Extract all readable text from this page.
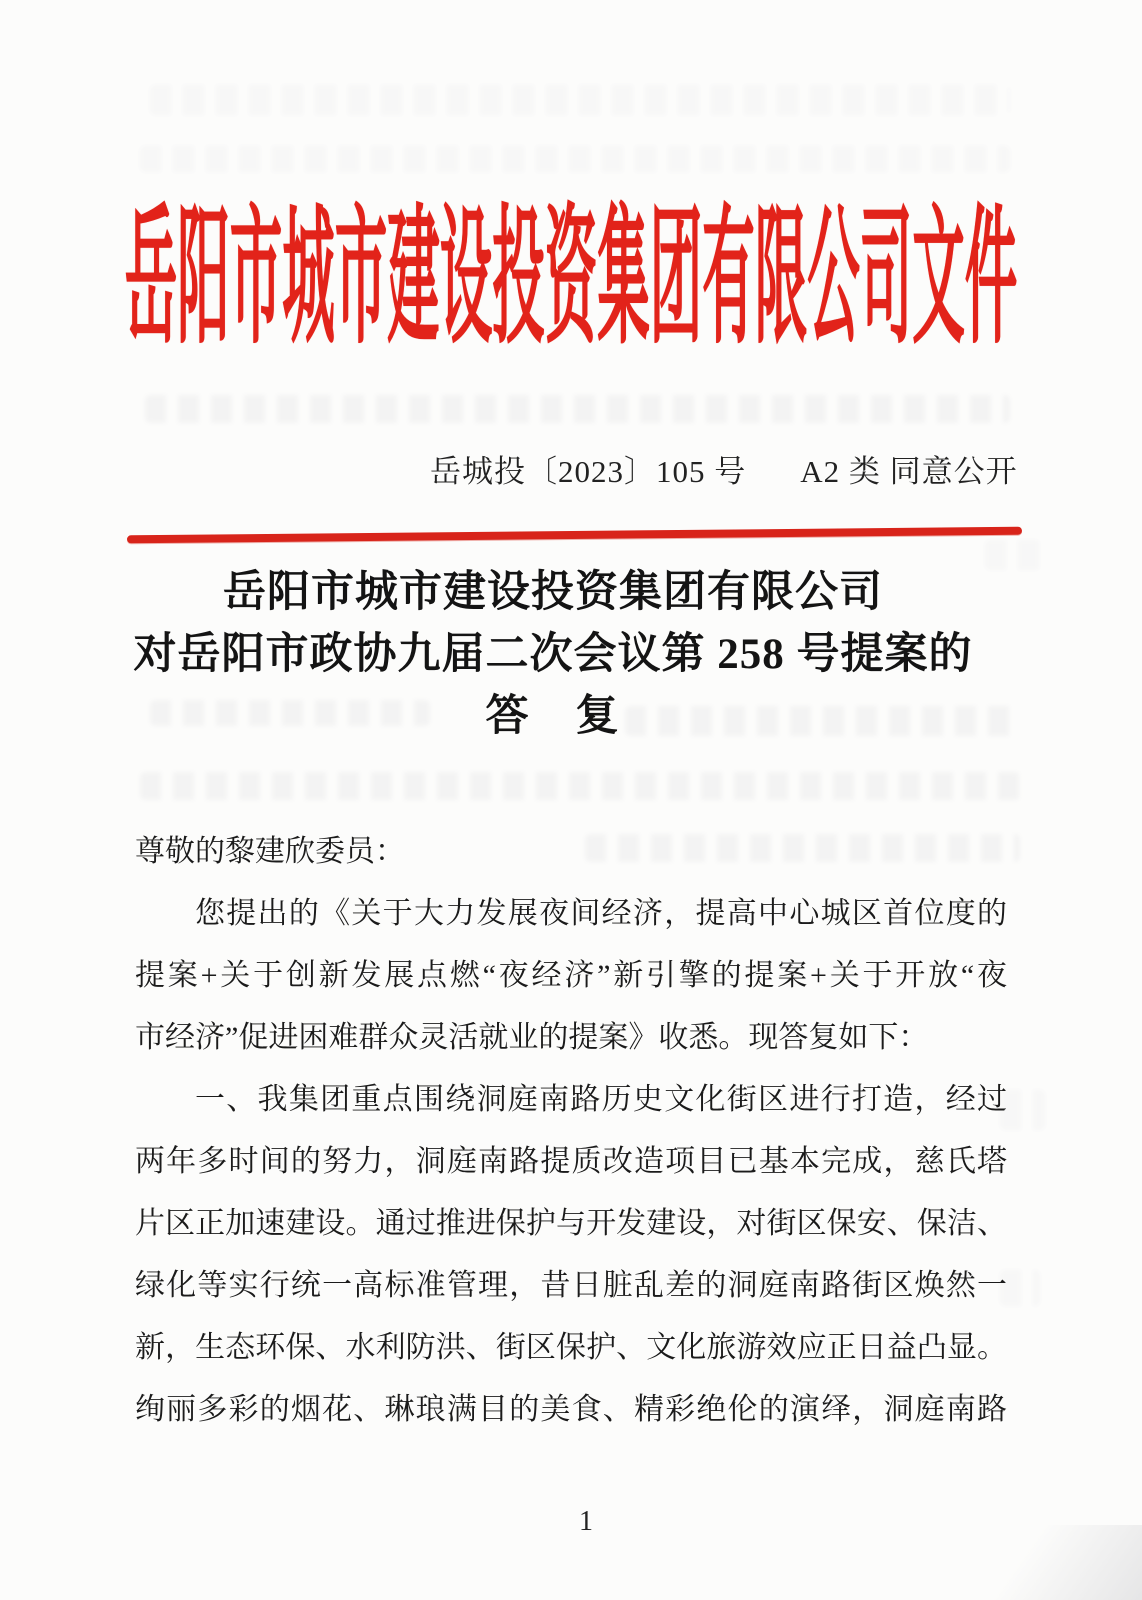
岳阳市城市建设投资集团有限公司文件
岳城投〔2023〕105 号 A2 类 同意公开
岳阳市城市建设投资集团有限公司
对岳阳市政协九届二次会议第 258 号提案的
答　复
尊敬的黎建欣委员：
您提出的《关于大力发展夜间经济，提高中心城区首位度的
提案+关于创新发展点燃“夜经济”新引擎的提案+关于开放“夜
市经济”促进困难群众灵活就业的提案》收悉。现答复如下：
一、我集团重点围绕洞庭南路历史文化街区进行打造，经过
两年多时间的努力，洞庭南路提质改造项目已基本完成，慈氏塔
片区正加速建设。通过推进保护与开发建设，对街区保安、保洁、
绿化等实行统一高标准管理，昔日脏乱差的洞庭南路街区焕然一
新，生态环保、水利防洪、街区保护、文化旅游效应正日益凸显。
绚丽多彩的烟花、琳琅满目的美食、精彩绝伦的演绎，洞庭南路
1
